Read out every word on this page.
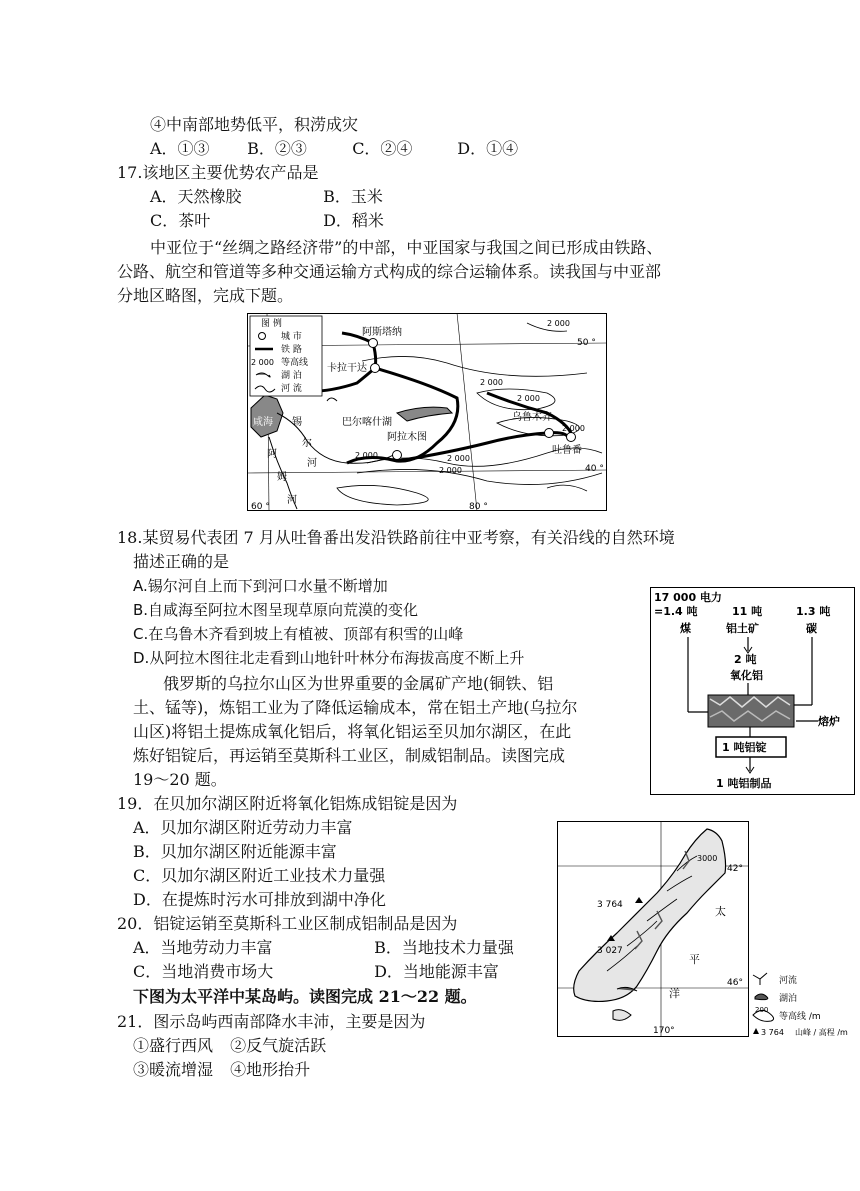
④中南部地势低平，积涝成灾
A．①③ B．②③	C．②④	D．①④
17.该地区主要优势农产品是
A．天然橡胶	B．玉米
C．茶叶	D．稻米
中亚位于“丝绸之路经济带”的中部，中亚国家与我国之间已形成由铁路、
公路、航空和管道等多种交通运输方式构成的综合运输体系。读我国与中亚部
分地区略图，完成下题。
图 例
城 市
铁 路
2 000 等高线
湖 泊
河 流
阿斯塔纳
卡拉干达
巴尔喀什湖
阿拉木图
乌鲁木齐
吐鲁番
咸海 锡
尔
河
阿
姆
河
2 000
2 000
2 000
2 000
2 000	2 000
2 000
50 °
40 °
60 °	80 °
18.某贸易代表团 7 月从吐鲁番出发沿铁路前往中亚考察，有关沿线的自然环境
描述正确的是
A.锡尔河自上而下到河口水量不断增加
B.自咸海至阿拉木图呈现草原向荒漠的变化
C.在乌鲁木齐看到坡上有植被、顶部有积雪的山峰
D.从阿拉木图往北走看到山地针叶林分布海拔高度不断上升
17 000 电力
=1.4 吨
煤
11 吨
铝土矿
1.3 吨
碳
2 吨
氧化铝
熔炉
1 吨铝锭
1 吨铝制品
俄罗斯的乌拉尔山区为世界重要的金属矿产地(铜铁、铝
土、锰等)，炼铝工业为了降低运输成本，常在铝土产地(乌拉尔
山区)将铝土提炼成氧化铝后，将氧化铝运至贝加尔湖区，在此
炼好铝锭后，再运销至莫斯科工业区，制威铝制品。读图完成
19～20 题。
19．在贝加尔湖区附近将氧化铝炼成铝锭是因为
A．贝加尔湖区附近劳动力丰富
B．贝加尔湖区附近能源丰富
C．贝加尔湖区附近工业技术力量强
D．在提炼时污水可排放到湖中净化
20．铝锭运销至莫斯科工业区制成铝制品是因为
A．当地劳动力丰富	B．当地技术力量强
C．当地消费市场大	D．当地能源丰富
下图为太平洋中某岛屿。读图完成 21～22 题。
21．图示岛屿西南部降水丰沛，主要是因为
①盛行西风 ②反气旋活跃
③暖流增湿 ④地形抬升
3 764
3 027
3000
太
平
洋
42°
46°
170°
河流
湖泊
200
等高线 /m
3 764 山峰 / 高程 /m
